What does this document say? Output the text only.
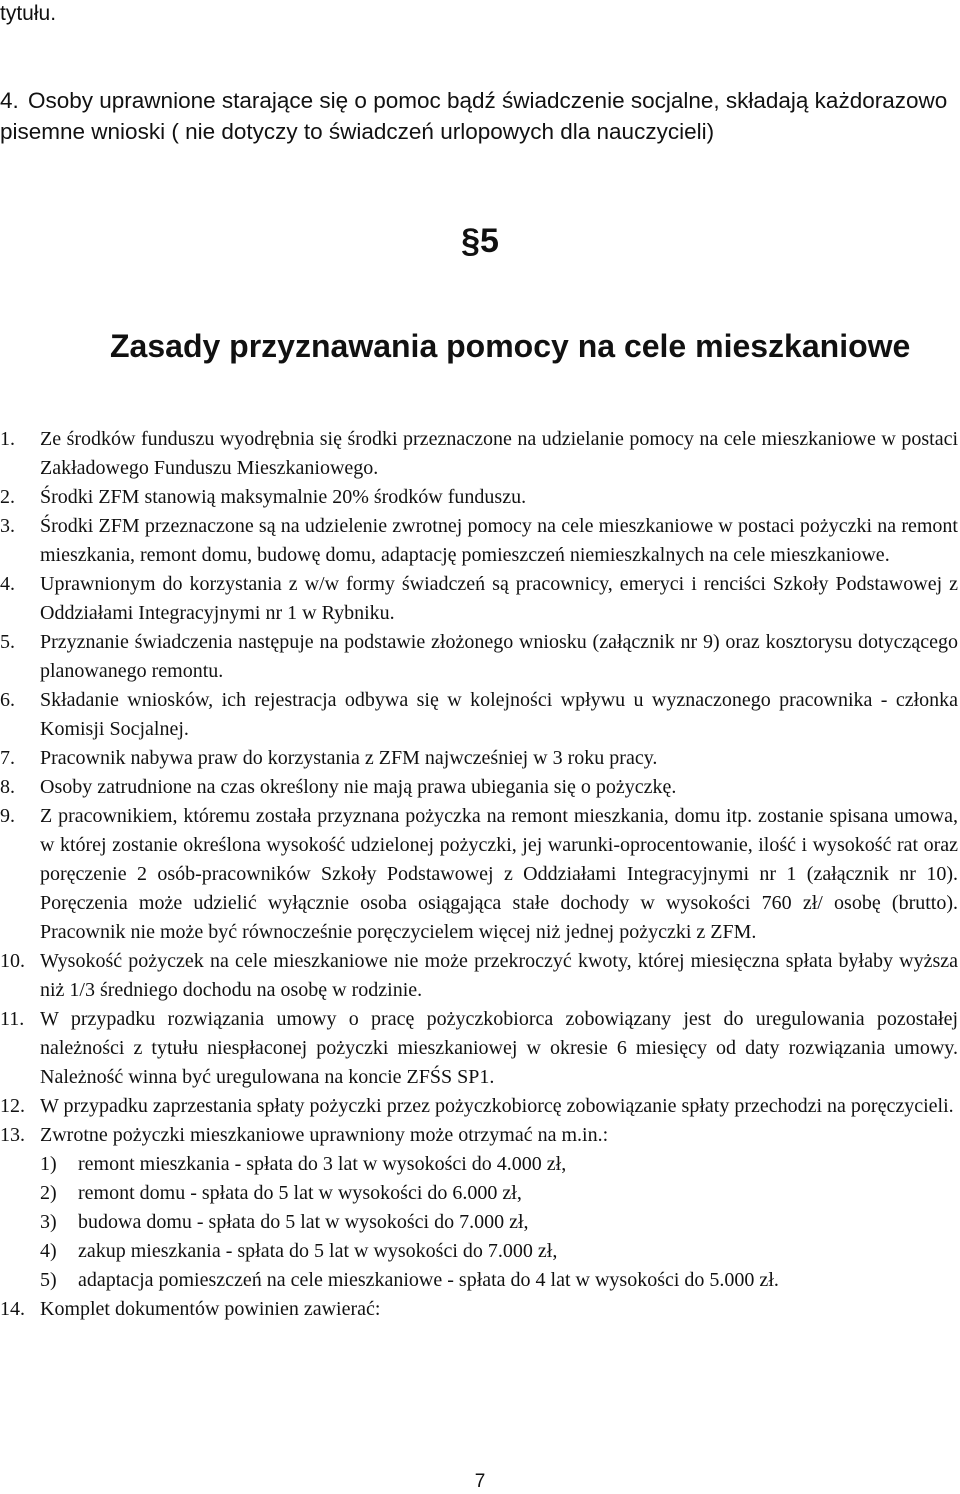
tytułu.
4. Osoby uprawnione starające się o pomoc bądź świadczenie socjalne, składają każdorazowo
pisemne wnioski ( nie dotyczy to świadczeń urlopowych dla nauczycieli)
§5
Zasady przyznawania pomocy na cele mieszkaniowe
1.	Ze środków funduszu wyodrębnia się środki przeznaczone na udzielanie pomocy na cele mieszkaniowe w postaci Zakładowego Funduszu Mieszkaniowego.
2.	Środki ZFM stanowią maksymalnie 20% środków funduszu.
3.	Środki ZFM przeznaczone są na udzielenie zwrotnej pomocy na cele mieszkaniowe w postaci pożyczki na remont mieszkania, remont domu, budowę domu, adaptację pomieszczeń niemieszkalnych na cele mieszkaniowe.
4.	Uprawnionym do korzystania z w/w formy świadczeń są pracownicy, emeryci i renciści Szkoły Podstawowej z Oddziałami Integracyjnymi nr 1 w Rybniku.
5.	Przyznanie świadczenia następuje na podstawie złożonego wniosku (załącznik nr 9) oraz kosztorysu dotyczącego planowanego remontu.
6.	Składanie wniosków, ich rejestracja odbywa się w kolejności wpływu u wyznaczonego pracownika - członka Komisji Socjalnej.
7.	Pracownik nabywa praw do korzystania z ZFM najwcześniej w 3 roku pracy.
8.	Osoby zatrudnione na czas określony nie mają prawa ubiegania się o pożyczkę.
9.	Z pracownikiem, któremu została przyznana pożyczka na remont mieszkania, domu itp. zostanie spisana umowa, w której zostanie określona wysokość udzielonej pożyczki, jej warunki-oprocentowanie, ilość i wysokość rat oraz poręczenie 2 osób-pracowników Szkoły Podstawowej z Oddziałami Integracyjnymi nr 1 (załącznik nr 10). Poręczenia może udzielić wyłącznie osoba osiągająca stałe dochody w wysokości 760 zł/ osobę (brutto). Pracownik nie może być równocześnie poręczycielem więcej niż jednej pożyczki z ZFM.
10. Wysokość pożyczek na cele mieszkaniowe nie może przekroczyć kwoty, której miesięczna spłata byłaby wyższa niż 1/3 średniego dochodu na osobę w rodzinie.
11. W przypadku rozwiązania umowy o pracę pożyczkobiorca zobowiązany jest do uregulowania pozostałej należności z tytułu niespłaconej pożyczki mieszkaniowej w okresie 6 miesięcy od daty rozwiązania umowy. Należność winna być uregulowana na koncie ZFŚS SP1.
12. W przypadku zaprzestania spłaty pożyczki przez pożyczkobiorcę zobowiązanie spłaty przechodzi na poręczycieli.
13. Zwrotne pożyczki mieszkaniowe uprawniony może otrzymać na m.in.:
1)	remont mieszkania - spłata do 3 lat w wysokości do 4.000 zł,
2)	remont domu - spłata do 5 lat w wysokości do 6.000 zł,
3)	budowa domu - spłata do 5 lat w wysokości do 7.000 zł,
4)	zakup mieszkania - spłata do 5 lat w wysokości do 7.000 zł,
5)	adaptacja pomieszczeń na cele mieszkaniowe - spłata do 4 lat w wysokości do 5.000 zł.
14. Komplet dokumentów powinien zawierać:
7
